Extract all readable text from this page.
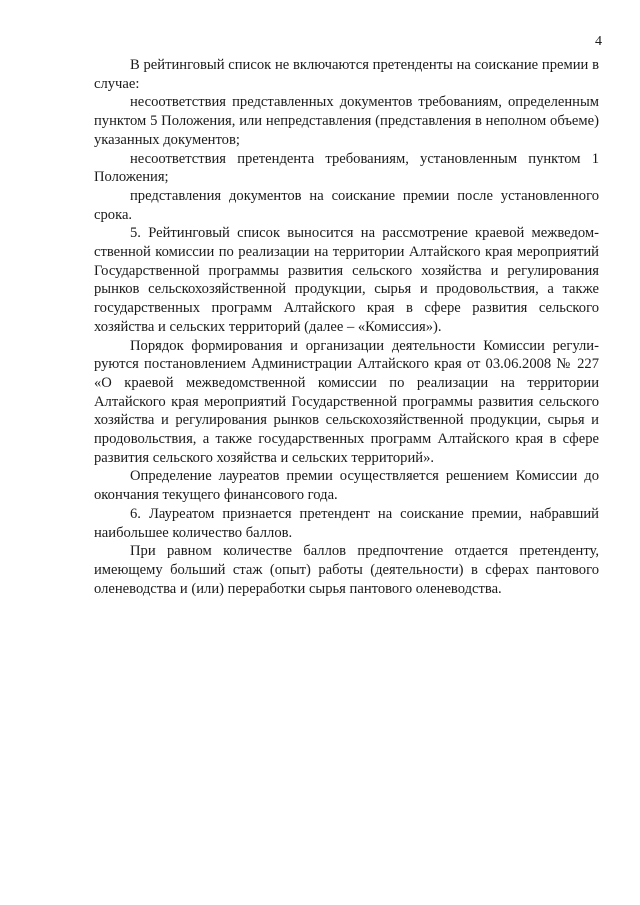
4

В рейтинговый список не включаются претенденты на соискание премии в случае:

несоответствия представленных документов требованиям, определенным пунктом 5 Положения, или непредставления (представления в неполном объеме) указанных документов;

несоответствия претендента требованиям, установленным пунктом 1 Положения;

представления документов на соискание премии после установленного срока.

5. Рейтинговый список выносится на рассмотрение краевой межведомственной комиссии по реализации на территории Алтайского края мероприятий Государственной программы развития сельского хозяйства и регулирования рынков сельскохозяйственной продукции, сырья и продовольствия, а также государственных программ Алтайского края в сфере развития сельского хозяйства и сельских территорий (далее – «Комиссия»).

Порядок формирования и организации деятельности Комиссии регулируются постановлением Администрации Алтайского края от 03.06.2008 № 227 «О краевой межведомственной комиссии по реализации на территории Алтайского края мероприятий Государственной программы развития сельского хозяйства и регулирования рынков сельскохозяйственной продукции, сырья и продовольствия, а также государственных программ Алтайского края в сфере развития сельского хозяйства и сельских территорий».

Определение лауреатов премии осуществляется решением Комиссии до окончания текущего финансового года.

6. Лауреатом признается претендент на соискание премии, набравший наибольшее количество баллов.

При равном количестве баллов предпочтение отдается претенденту, имеющему больший стаж (опыт) работы (деятельности) в сферах пантового оленеводства и (или) переработки сырья пантового оленеводства.
